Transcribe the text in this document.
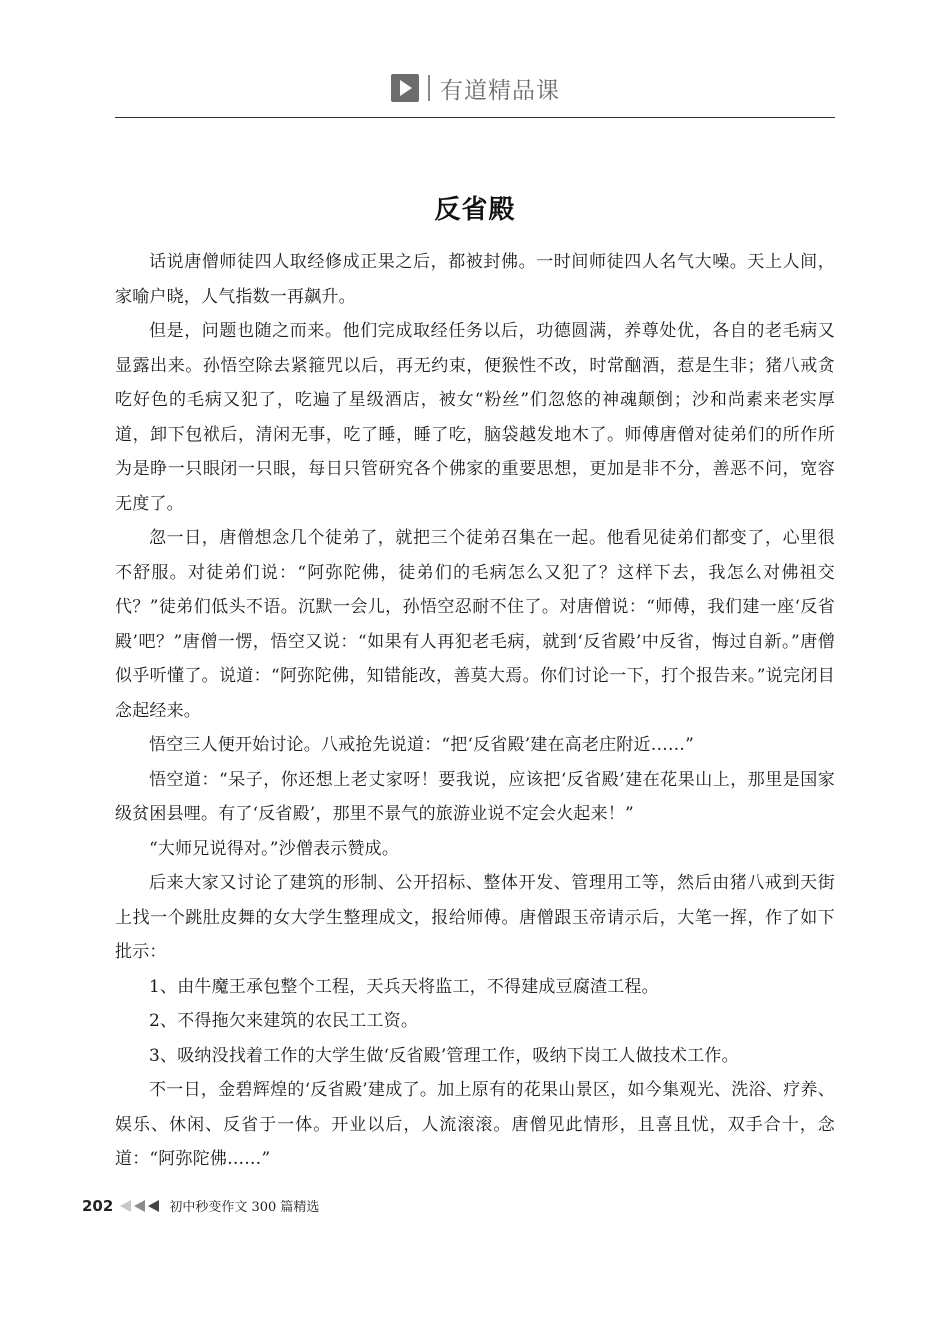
有道精品课
反省殿

话说唐僧师徒四人取经修成正果之后，都被封佛。一时间师徒四人名气大噪。天上人间，家喻户晓，人气指数一再飙升。

但是，问题也随之而来。他们完成取经任务以后，功德圆满，养尊处优，各自的老毛病又显露出来。孙悟空除去紧箍咒以后，再无约束，便猴性不改，时常酗酒，惹是生非；猪八戒贪吃好色的毛病又犯了，吃遍了星级酒店，被女“粉丝”们忽悠的神魂颠倒；沙和尚素来老实厚道，卸下包袱后，清闲无事，吃了睡，睡了吃，脑袋越发地木了。师傅唐僧对徒弟们的所作所为是睁一只眼闭一只眼，每日只管研究各个佛家的重要思想，更加是非不分，善恶不问，宽容无度了。

忽一日，唐僧想念几个徒弟了，就把三个徒弟召集在一起。他看见徒弟们都变了，心里很不舒服。对徒弟们说：“阿弥陀佛，徒弟们的毛病怎么又犯了？这样下去，我怎么对佛祖交代？”徒弟们低头不语。沉默一会儿，孙悟空忍耐不住了。对唐僧说：“师傅，我们建一座‘反省殿’吧？”唐僧一愣，悟空又说：“如果有人再犯老毛病，就到‘反省殿’中反省，悔过自新。”唐僧似乎听懂了。说道：“阿弥陀佛，知错能改，善莫大焉。你们讨论一下，打个报告来。”说完闭目念起经来。

悟空三人便开始讨论。八戒抢先说道：“把‘反省殿’建在高老庄附近……”

悟空道：“呆子，你还想上老丈家呀！要我说，应该把‘反省殿’建在花果山上，那里是国家级贫困县哩。有了‘反省殿’，那里不景气的旅游业说不定会火起来！”

“大师兄说得对。”沙僧表示赞成。

后来大家又讨论了建筑的形制、公开招标、整体开发、管理用工等，然后由猪八戒到天街上找一个跳肚皮舞的女大学生整理成文，报给师傅。唐僧跟玉帝请示后，大笔一挥，作了如下批示：

1、由牛魔王承包整个工程，天兵天将监工，不得建成豆腐渣工程。

2、不得拖欠来建筑的农民工工资。

3、吸纳没找着工作的大学生做‘反省殿’管理工作，吸纳下岗工人做技术工作。

不一日，金碧辉煌的‘反省殿’建成了。加上原有的花果山景区，如今集观光、洗浴、疗养、娱乐、休闲、反省于一体。开业以后，人流滚滚。唐僧见此情形，且喜且忧，双手合十，念道：“阿弥陀佛……”

202	初中秒变作文 300 篇精选
